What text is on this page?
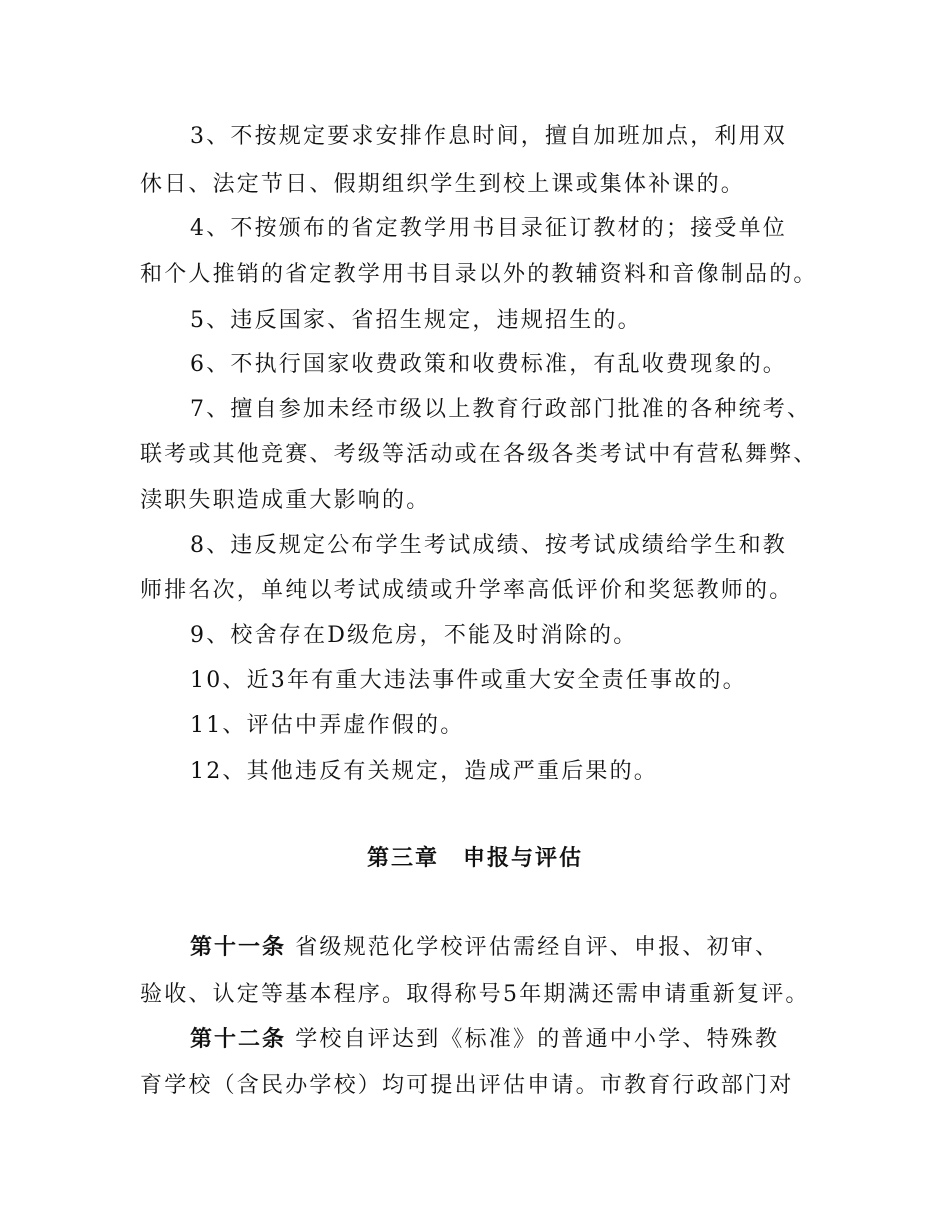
3、不按规定要求安排作息时间，擅自加班加点，利用双
休日、法定节日、假期组织学生到校上课或集体补课的。
4、不按颁布的省定教学用书目录征订教材的；接受单位
和个人推销的省定教学用书目录以外的教辅资料和音像制品的。
5、违反国家、省招生规定，违规招生的。
6、不执行国家收费政策和收费标准，有乱收费现象的。
7、擅自参加未经市级以上教育行政部门批准的各种统考、
联考或其他竞赛、考级等活动或在各级各类考试中有营私舞弊、
渎职失职造成重大影响的。
8、违反规定公布学生考试成绩、按考试成绩给学生和教
师排名次，单纯以考试成绩或升学率高低评价和奖惩教师的。
9、校舍存在D级危房，不能及时消除的。
10、近3年有重大违法事件或重大安全责任事故的。
11、评估中弄虚作假的。
12、其他违反有关规定，造成严重后果的。
第三章　申报与评估
第十一条 省级规范化学校评估需经自评、申报、初审、
验收、认定等基本程序。取得称号5年期满还需申请重新复评。
第十二条 学校自评达到《标准》的普通中小学、特殊教
育学校（含民办学校）均可提出评估申请。市教育行政部门对
